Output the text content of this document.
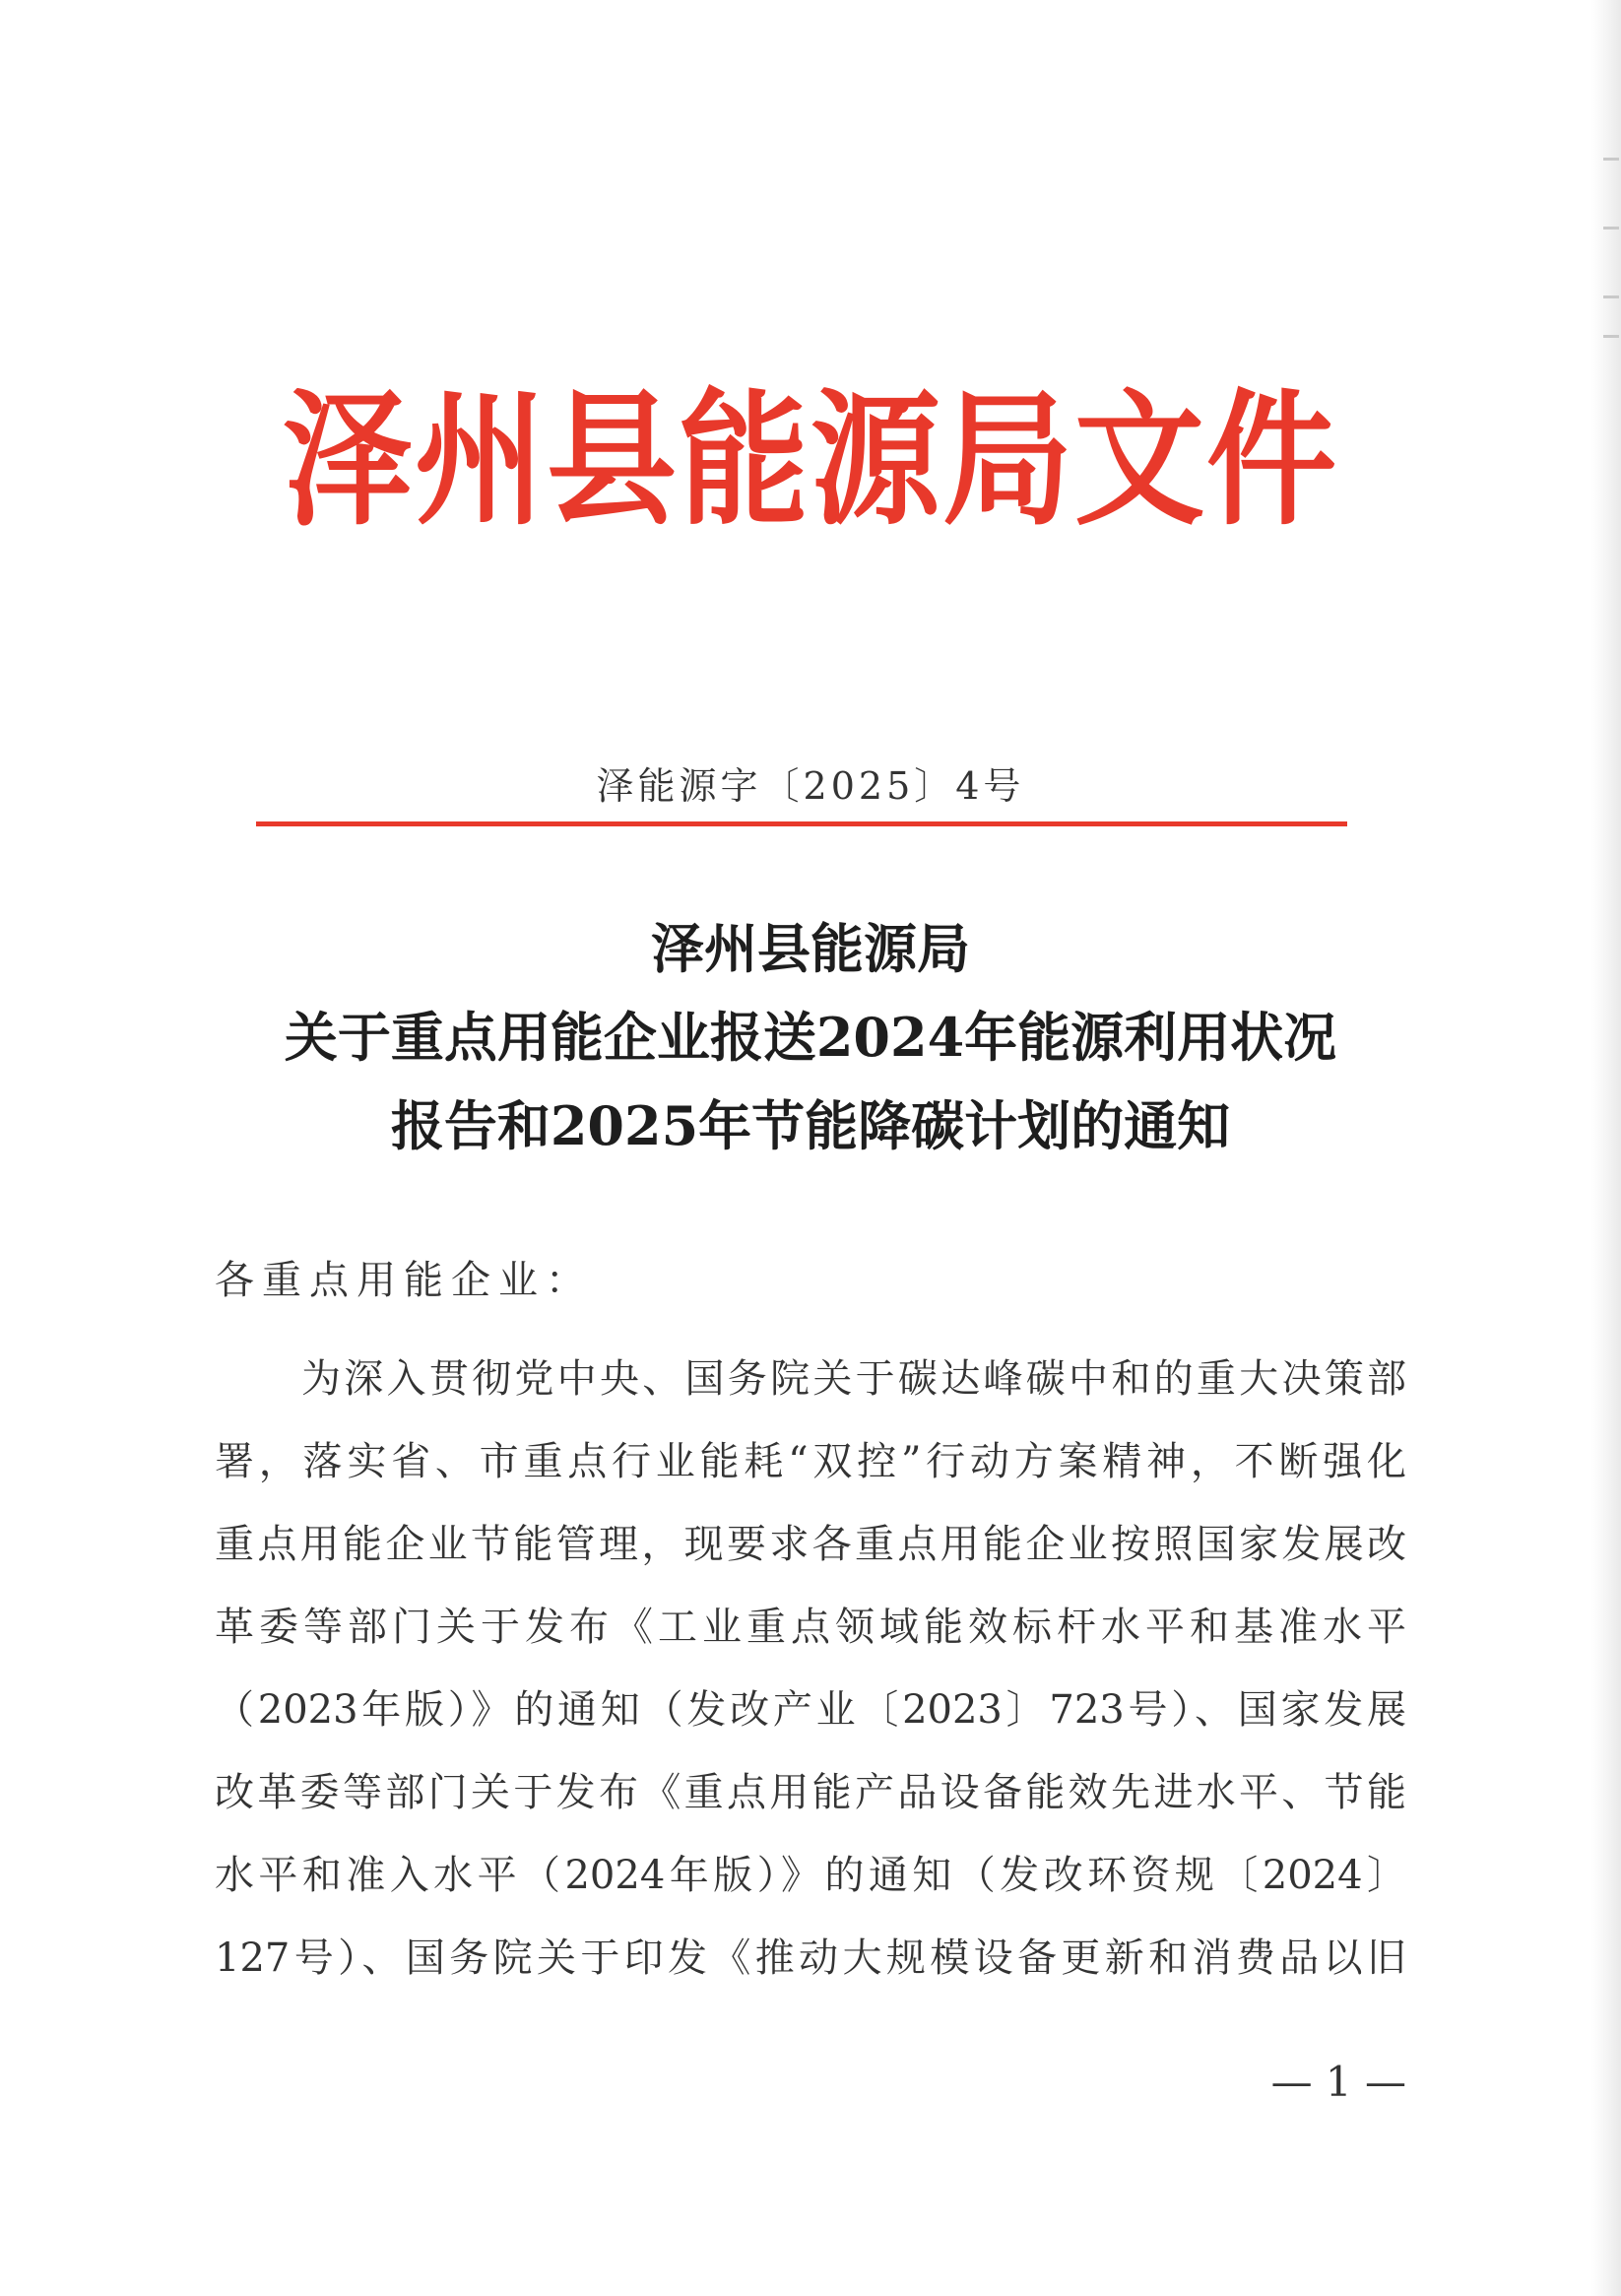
泽州县能源局文件
泽能源字〔2025〕4号
泽州县能源局
关于重点用能企业报送2024年能源利用状况
报告和2025年节能降碳计划的通知
各重点用能企业：
为深入贯彻党中央、国务院关于碳达峰碳中和的重大决策部
署，落实省、市重点行业能耗“双控”行动方案精神，不断强化
重点用能企业节能管理，现要求各重点用能企业按照国家发展改
革委等部门关于发布《工业重点领域能效标杆水平和基准水平
（2023年版）》的通知（发改产业〔2023〕723号）、国家发展
改革委等部门关于发布《重点用能产品设备能效先进水平、节能
水平和准入水平（2024年版）》的通知（发改环资规〔2024〕
127号）、国务院关于印发《推动大规模设备更新和消费品以旧
— 1 —
